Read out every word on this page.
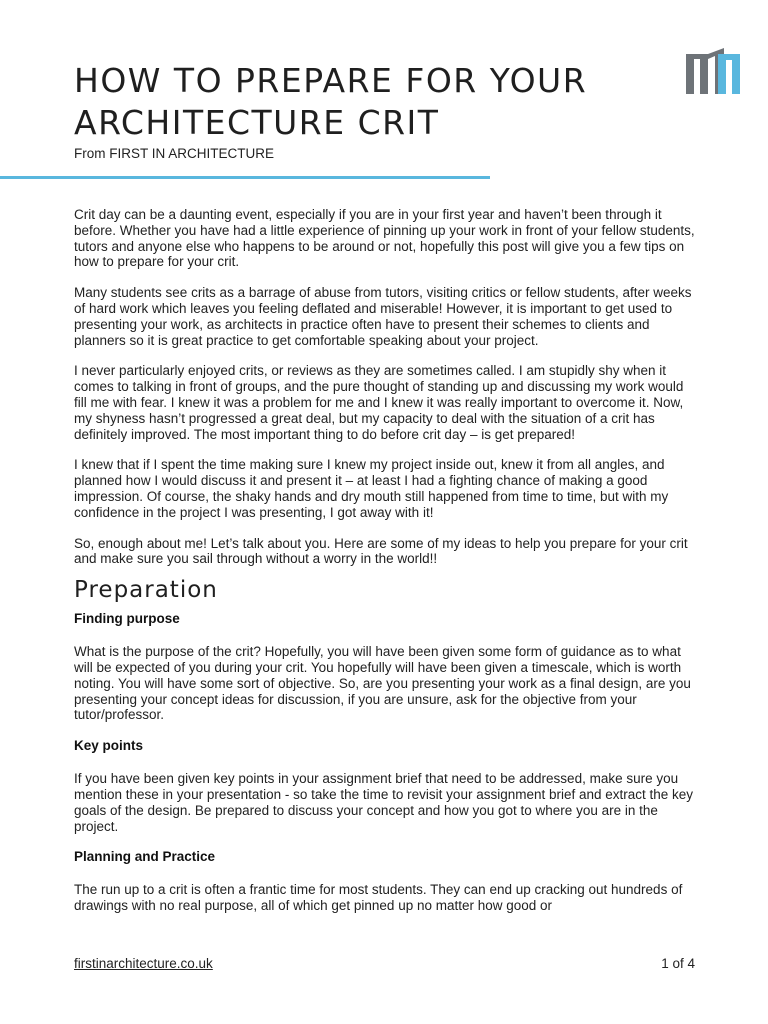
HOW TO PREPARE FOR YOUR ARCHITECTURE CRIT

From FIRST IN ARCHITECTURE

Crit day can be a daunting event, especially if you are in your first year and haven’t been through it before. Whether you have had a little experience of pinning up your work in front of your fellow students, tutors and anyone else who happens to be around or not, hopefully this post will give you a few tips on how to prepare for your crit.

Many students see crits as a barrage of abuse from tutors, visiting critics or fellow students, after weeks of hard work which leaves you feeling deflated and miserable! However, it is important to get used to presenting your work, as architects in practice often have to present their schemes to clients and planners so it is great practice to get comfortable speaking about your project.

I never particularly enjoyed crits, or reviews as they are sometimes called. I am stupidly shy when it comes to talking in front of groups, and the pure thought of standing up and discussing my work would fill me with fear. I knew it was a problem for me and I knew it was really important to overcome it. Now, my shyness hasn’t progressed a great deal, but my capacity to deal with the situation of a crit has definitely improved. The most important thing to do before crit day – is get prepared!

I knew that if I spent the time making sure I knew my project inside out, knew it from all angles, and planned how I would discuss it and present it – at least I had a fighting chance of making a good impression. Of course, the shaky hands and dry mouth still happened from time to time, but with my confidence in the project I was presenting, I got away with it!

So, enough about me! Let’s talk about you. Here are some of my ideas to help you prepare for your crit and make sure you sail through without a worry in the world!!

Preparation
Finding purpose

What is the purpose of the crit? Hopefully, you will have been given some form of guidance as to what will be expected of you during your crit. You hopefully will have been given a timescale, which is worth noting. You will have some sort of objective. So, are you presenting your work as a final design, are you presenting your concept ideas for discussion, if you are unsure, ask for the objective from your tutor/professor.

Key points

If you have been given key points in your assignment brief that need to be addressed, make sure you mention these in your presentation - so take the time to revisit your assignment brief and extract the key goals of the design. Be prepared to discuss your concept and how you got to where you are in the project.

Planning and Practice

The run up to a crit is often a frantic time for most students. They can end up cracking out hundreds of drawings with no real purpose, all of which get pinned up no matter how good or

firstinarchitecture.co.uk	1 of 4
